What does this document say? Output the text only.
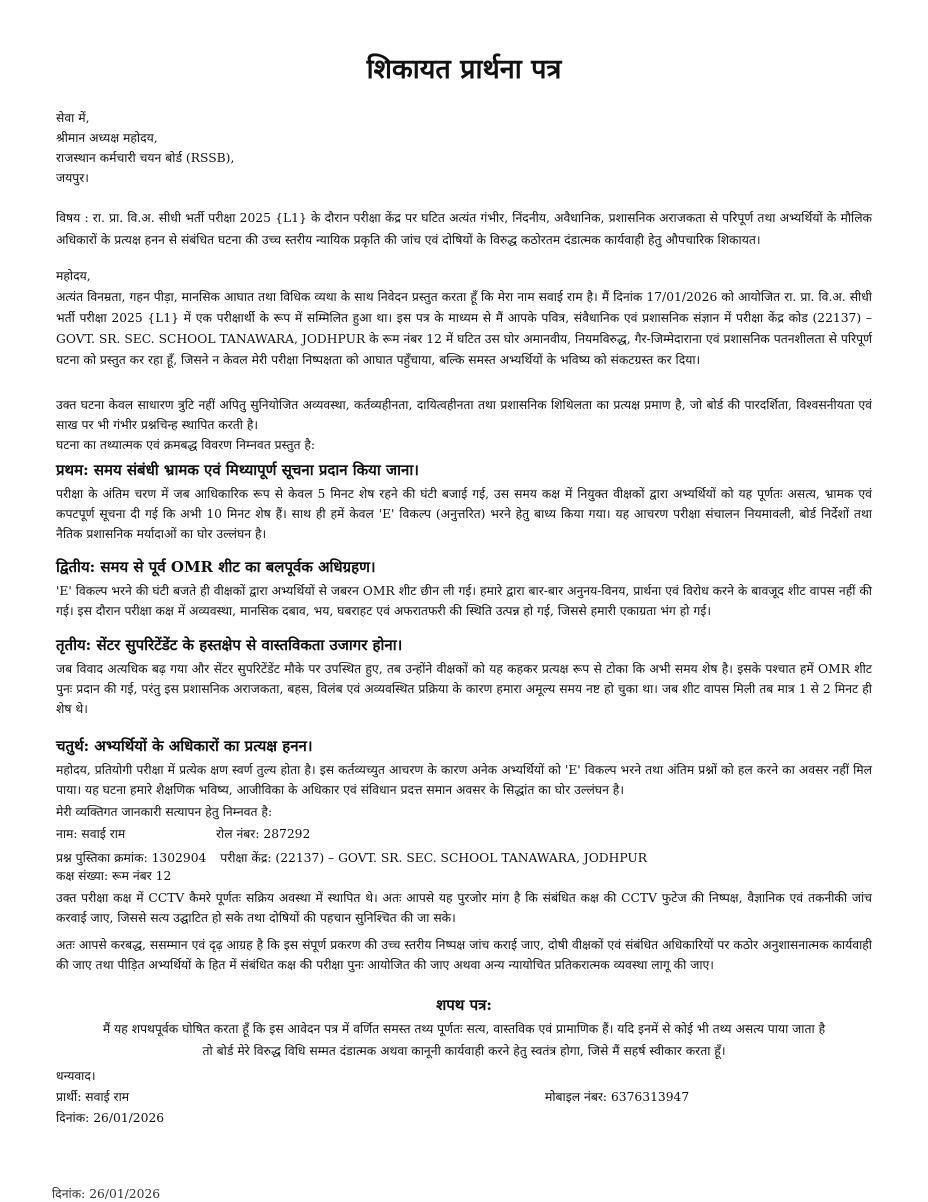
शिकायत प्रार्थना पत्र
सेवा में,
श्रीमान अध्यक्ष महोदय,
राजस्थान कर्मचारी चयन बोर्ड (RSSB),
जयपुर।

विषय : रा. प्रा. वि.अ. सीधी भर्ती परीक्षा 2025 {L1} के दौरान परीक्षा केंद्र पर घटित अत्यंत गंभीर, निंदनीय, अवैधानिक, प्रशासनिक अराजकता से परिपूर्ण तथा अभ्यर्थियों के मौलिक अधिकारों के प्रत्यक्ष हनन से संबंधित घटना की उच्च स्तरीय न्यायिक प्रकृति की जांच एवं दोषियों के विरुद्ध कठोरतम दंडात्मक कार्यवाही हेतु औपचारिक शिकायत।

महोदय,

अत्यंत विनम्रता, गहन पीड़ा, मानसिक आघात तथा विधिक व्यथा के साथ निवेदन प्रस्तुत करता हूँ कि मेरा नाम सवाई राम है। मैं दिनांक 17/01/2026 को आयोजित रा. प्रा. वि.अ. सीधी भर्ती परीक्षा 2025 {L1} में एक परीक्षार्थी के रूप में सम्मिलित हुआ था। इस पत्र के माध्यम से मैं आपके पवित्र, संवैधानिक एवं प्रशासनिक संज्ञान में परीक्षा केंद्र कोड (22137) – GOVT. SR. SEC. SCHOOL TANAWARA, JODHPUR के रूम नंबर 12 में घटित उस घोर अमानवीय, नियमविरुद्ध, गैर-जिम्मेदाराना एवं प्रशासनिक पतनशीलता से परिपूर्ण घटना को प्रस्तुत कर रहा हूँ, जिसने न केवल मेरी परीक्षा निष्पक्षता को आघात पहुँचाया, बल्कि समस्त अभ्यर्थियों के भविष्य को संकटग्रस्त कर दिया।

उक्त घटना केवल साधारण त्रुटि नहीं अपितु सुनियोजित अव्यवस्था, कर्तव्यहीनता, दायित्वहीनता तथा प्रशासनिक शिथिलता का प्रत्यक्ष प्रमाण है, जो बोर्ड की पारदर्शिता, विश्वसनीयता एवं साख पर भी गंभीर प्रश्नचिन्ह स्थापित करती है।

घटना का तथ्यात्मक एवं क्रमबद्ध विवरण निम्नवत प्रस्तुत है:

प्रथम: समय संबंधी भ्रामक एवं मिथ्यापूर्ण सूचना प्रदान किया जाना।

परीक्षा के अंतिम चरण में जब आधिकारिक रूप से केवल 5 मिनट शेष रहने की घंटी बजाई गई, उस समय कक्ष में नियुक्त वीक्षकों द्वारा अभ्यर्थियों को यह पूर्णतः असत्य, भ्रामक एवं कपटपूर्ण सूचना दी गई कि अभी 10 मिनट शेष हैं। साथ ही हमें केवल 'E' विकल्प (अनुत्तरित) भरने हेतु बाध्य किया गया। यह आचरण परीक्षा संचालन नियमावली, बोर्ड निर्देशों तथा नैतिक प्रशासनिक मर्यादाओं का घोर उल्लंघन है।

द्वितीय: समय से पूर्व OMR शीट का बलपूर्वक अधिग्रहण।

'E' विकल्प भरने की घंटी बजते ही वीक्षकों द्वारा अभ्यर्थियों से जबरन OMR शीट छीन ली गई। हमारे द्वारा बार-बार अनुनय-विनय, प्रार्थना एवं विरोध करने के बावजूद शीट वापस नहीं की गई। इस दौरान परीक्षा कक्ष में अव्यवस्था, मानसिक दबाव, भय, घबराहट एवं अफरातफरी की स्थिति उत्पन्न हो गई, जिससे हमारी एकाग्रता भंग हो गई।

तृतीय: सेंटर सुपरिटेंडेंट के हस्तक्षेप से वास्तविकता उजागर होना।

जब विवाद अत्यधिक बढ़ गया और सेंटर सुपरिटेंडेंट मौके पर उपस्थित हुए, तब उन्होंने वीक्षकों को यह कहकर प्रत्यक्ष रूप से टोका कि अभी समय शेष है। इसके पश्चात हमें OMR शीट पुनः प्रदान की गई, परंतु इस प्रशासनिक अराजकता, बहस, विलंब एवं अव्यवस्थित प्रक्रिया के कारण हमारा अमूल्य समय नष्ट हो चुका था। जब शीट वापस मिली तब मात्र 1 से 2 मिनट ही शेष थे।

चतुर्थ: अभ्यर्थियों के अधिकारों का प्रत्यक्ष हनन।

महोदय, प्रतियोगी परीक्षा में प्रत्येक क्षण स्वर्ण तुल्य होता है। इस कर्तव्यच्युत आचरण के कारण अनेक अभ्यर्थियों को 'E' विकल्प भरने तथा अंतिम प्रश्नों को हल करने का अवसर नहीं मिल पाया। यह घटना हमारे शैक्षणिक भविष्य, आजीविका के अधिकार एवं संविधान प्रदत्त समान अवसर के सिद्धांत का घोर उल्लंघन है।

मेरी व्यक्तिगत जानकारी सत्यापन हेतु निम्नवत है:

नाम: सवाई राम	रोल नंबर: 287292
प्रश्न पुस्तिका क्रमांक: 1302904 परीक्षा केंद्र: (22137) – GOVT. SR. SEC. SCHOOL TANAWARA, JODHPUR

कक्ष संख्या: रूम नंबर 12

उक्त परीक्षा कक्ष में CCTV कैमरे पूर्णतः सक्रिय अवस्था में स्थापित थे। अतः आपसे यह पुरजोर मांग है कि संबंधित कक्ष की CCTV फुटेज की निष्पक्ष, वैज्ञानिक एवं तकनीकी जांच करवाई जाए, जिससे सत्य उद्घाटित हो सके तथा दोषियों की पहचान सुनिश्चित की जा सके।

अतः आपसे करबद्ध, ससम्मान एवं दृढ़ आग्रह है कि इस संपूर्ण प्रकरण की उच्च स्तरीय निष्पक्ष जांच कराई जाए, दोषी वीक्षकों एवं संबंधित अधिकारियों पर कठोर अनुशासनात्मक कार्यवाही की जाए तथा पीड़ित अभ्यर्थियों के हित में संबंधित कक्ष की परीक्षा पुनः आयोजित की जाए अथवा अन्य न्यायोचित प्रतिकरात्मक व्यवस्था लागू की जाए।

शपथ पत्र:

मैं यह शपथपूर्वक घोषित करता हूँ कि इस आवेदन पत्र में वर्णित समस्त तथ्य पूर्णतः सत्य, वास्तविक एवं प्रामाणिक हैं। यदि इनमें से कोई भी तथ्य असत्य पाया जाता है तो बोर्ड मेरे विरुद्ध विधि सम्मत दंडात्मक अथवा कानूनी कार्यवाही करने हेतु स्वतंत्र होगा, जिसे मैं सहर्ष स्वीकार करता हूँ।

धन्यवाद।

प्रार्थी: सवाई राम	मोबाइल नंबर: 6376313947

दिनांक: 26/01/2026

दिनांक: 26/01/2026
